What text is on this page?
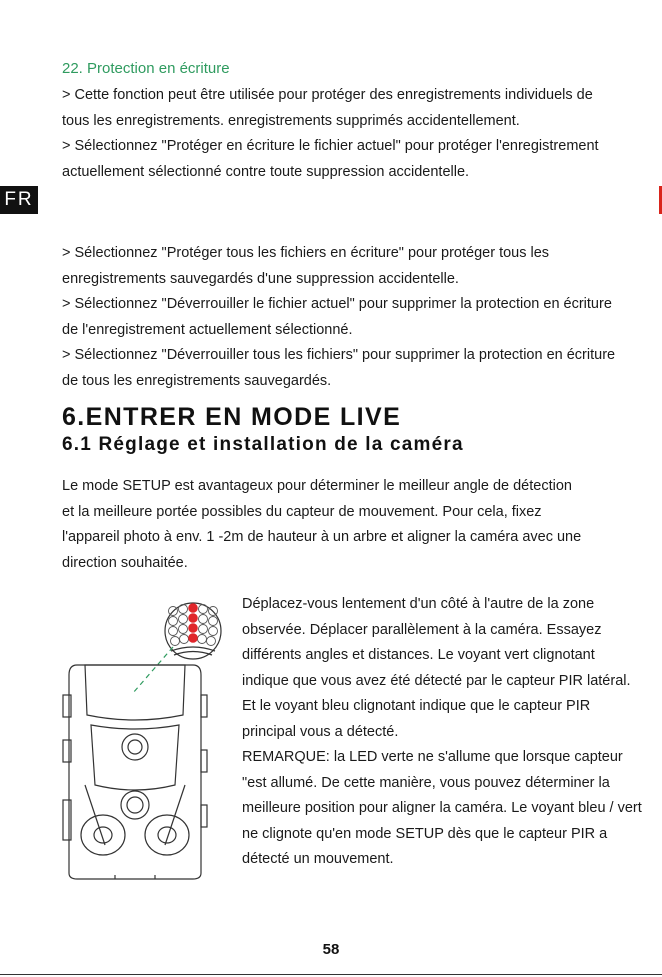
FR
22. Protection en écriture

> Cette fonction peut être utilisée pour protéger des enregistrements individuels de tous les enregistrements. enregistrements supprimés accidentellement.

> Sélectionnez "Protéger en écriture le fichier actuel" pour protéger l'enregistrement actuellement sélectionné contre toute suppression accidentelle.

> Sélectionnez "Protéger tous les fichiers en écriture" pour protéger tous les enregistrements sauvegardés d'une suppression accidentelle.

> Sélectionnez "Déverrouiller le fichier actuel" pour supprimer la protection en écriture de l'enregistrement actuellement sélectionné.

> Sélectionnez "Déverrouiller tous les fichiers" pour supprimer la protection en écriture de tous les enregistrements sauvegardés.

6.ENTRER EN MODE LIVE
6.1 Réglage et installation de la caméra

Le mode SETUP est avantageux pour déterminer le meilleur angle de détection et la meilleure portée possibles du capteur de mouvement. Pour cela, fixez l'appareil photo à env. 1 -2m de hauteur à un arbre et aligner la caméra avec une direction souhaitée.

Déplacez-vous lentement d'un côté à l'autre de la zone observée. Déplacer parallèlement à la caméra. Essayez différents angles et distances. Le voyant vert clignotant indique que vous avez été détecté par le capteur PIR latéral. Et le voyant bleu clignotant indique que le capteur PIR principal vous a détecté.

REMARQUE: la LED verte ne s'allume que lorsque capteur "est allumé. De cette manière, vous pouvez déterminer la meilleure position pour aligner la caméra. Le voyant bleu / vert ne clignote qu'en mode SETUP dès que le capteur PIR a détecté un mouvement.

58
